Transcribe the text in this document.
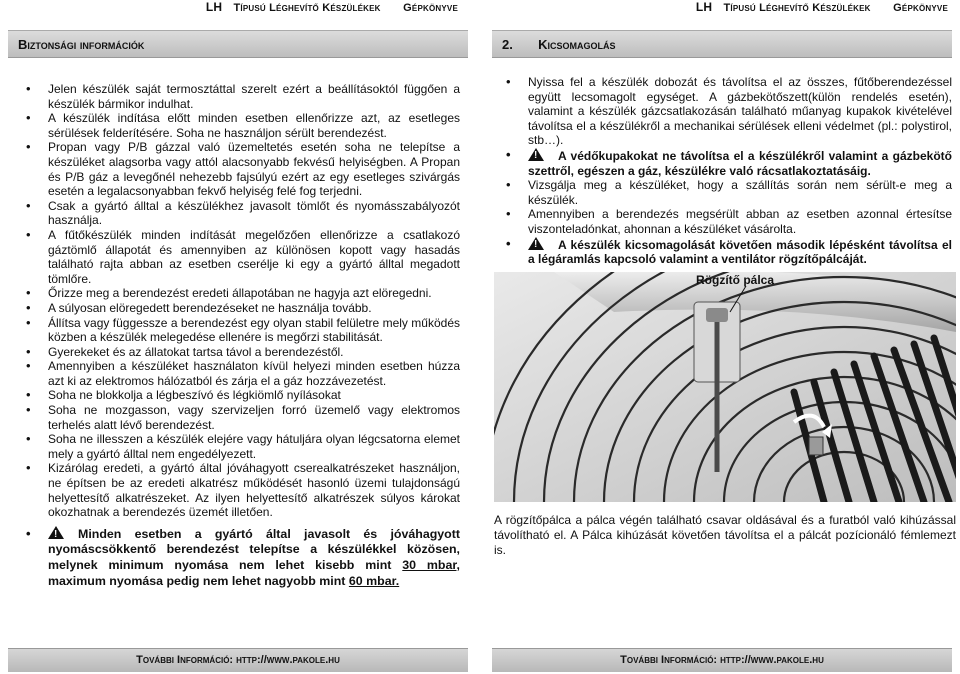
LH Típusú Léghevítő Készülékek Gépkönyve
Biztonsági információk
• Jelen készülék saját termosztáttal szerelt ezért a beállításoktól függően a készülék bármikor indulhat.
• A készülék indítása előtt minden esetben ellenőrizze azt, az esetleges sérülések felderítésére. Soha ne használjon sérült berendezést.
• Propan vagy P/B gázzal való üzemeltetés esetén soha ne telepítse a készüléket alagsorba vagy attól alacsonyabb fekvésű helyiségben. A Propan és P/B gáz a levegőnél nehezebb fajsúlyú ezért az egy esetleges szivárgás esetén a legalacsonyabban fekvő helyiség felé fog terjedni.
• Csak a gyártó álltal a készülékhez javasolt tömlőt és nyomásszabályozót használja.
• A fűtőkészülék minden indítását megelőzően ellenőrizze a csatlakozó gáztömlő állapotát és amennyiben az különösen kopott vagy hasadás található rajta abban az esetben cserélje ki egy a gyártó álltal megadott tömlőre.
• Őrizze meg a berendezést eredeti állapotában ne hagyja azt elöregedni.
• A súlyosan elöregedett berendezéseket ne használja tovább.
• Állítsa vagy függessze a berendezést egy olyan stabil felületre mely működés közben a készülék melegedése ellenére is megőrzi stabilitását.
• Gyerekeket és az állatokat tartsa távol a berendezéstől.
• Amennyiben a készüléket használaton kívül helyezi minden esetben húzza azt ki az elektromos hálózatból és zárja el a gáz hozzávezetést.
• Soha ne blokkolja a légbeszívó és légkiömlő nyílásokat
• Soha ne mozgasson, vagy szervizeljen forró üzemelő vagy elektromos terhelés alatt lévő berendezést.
• Soha ne illesszen a készülék elejére vagy hátuljára olyan légcsatorna elemet mely a gyártó álltal nem engedélyezett.
• Kizárólag eredeti, a gyártó által jóváhagyott cserealkatrészeket használjon, ne építsen be az eredeti alkatrész működését hasonló üzemi tulajdonságú helyettesítő alkatrészeket. Az ilyen helyettesítő alkatrészek súlyos károkat okozhatnak a berendezés üzemét illetően.
!• Minden esetben a gyártó által javasolt és jóváhagyott nyomáscsökkentő berendezést telepítse a készülékkel közösen, melynek minimum nyomása nem lehet kisebb mint 30 mbar, maximum nyomása pedig nem lehet nagyobb mint 60 mbar.
További Információ: http://www.pakole.hu
LH Típusú Léghevítő Készülékek Gépkönyve
2. Kicsomagolás
• Nyissa fel a készülék dobozát és távolítsa el az összes, fűtőberendezéssel együtt lecsomagolt egységet. A gázbekötőszett(külön rendelés esetén), valamint a készülék gázcsatlakozásán található műanyag kupakok kivételével távolítsa el a készülékről a mechanikai sérülések elleni védelmet (pl.: polystirol, stb…).
!• A védőkupakokat ne távolítsa el a készülékről valamint a gázbekötő szettről, egészen a gáz, készülékre való rácsatlakoztatásáig.
• Vizsgálja meg a készüléket, hogy a szállítás során nem sérült-e meg a készülék.
• Amennyiben a berendezés megsérült abban az esetben azonnal értesítse viszonteladónkat, ahonnan a készüléket vásárolta.
!• A készülék kicsomagolását követően második lépésként távolítsa el a légáramlás kapcsoló valamint a ventilátor rögzítőpálcáját.
Rögzítő pálca
A rögzítőpálca a pálca végén található csavar oldásával és a furatból való kihúzással távolítható el. A Pálca kihúzását követően távolítsa el a pálcát pozícionáló fémlemezt is.
További Információ: http://www.pakole.hu
